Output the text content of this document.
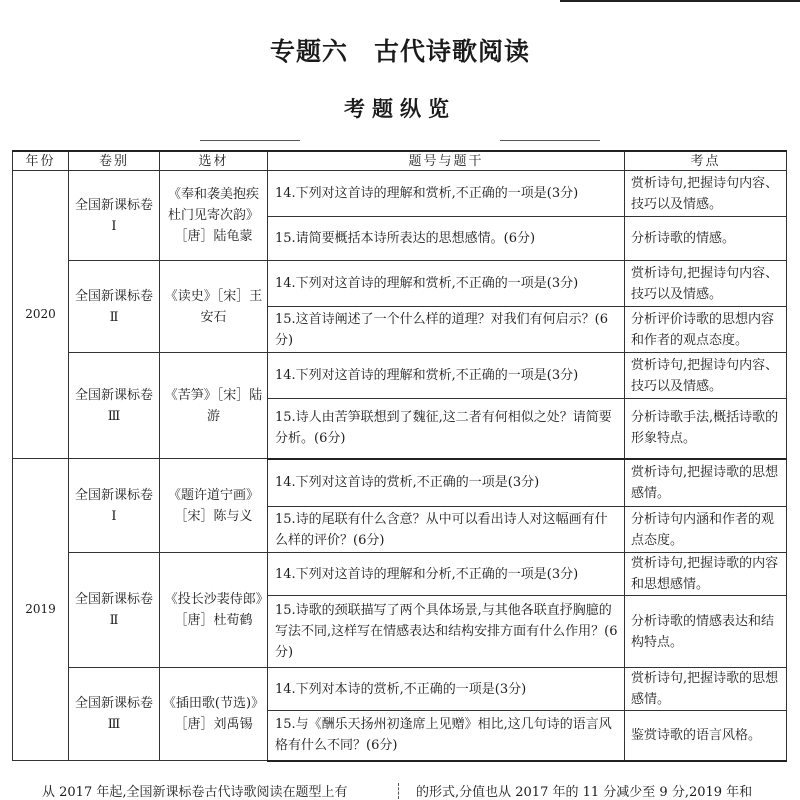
专题六　古代诗歌阅读
考题纵览
年份	卷别	选材	题号与题干	考点
2020	全国新课标卷Ⅰ	《奉和袭美抱疾杜门见寄次韵》［唐］陆龟蒙	14.下列对这首诗的理解和赏析,不正确的一项是(3分)	赏析诗句,把握诗句内容、技巧以及情感。
			15.请简要概括本诗所表达的思想感情。(6分)	分析诗歌的情感。
	全国新课标卷Ⅱ	《读史》［宋］王安石	14.下列对这首诗的理解和赏析,不正确的一项是(3分)	赏析诗句,把握诗句内容、技巧以及情感。
			15.这首诗阐述了一个什么样的道理？对我们有何启示？(6分)	分析评价诗歌的思想内容和作者的观点态度。
	全国新课标卷Ⅲ	《苦笋》［宋］陆游	14.下列对这首诗的理解和赏析,不正确的一项是(3分)	赏析诗句,把握诗句内容、技巧以及情感。
			15.诗人由苦笋联想到了魏征,这二者有何相似之处？请简要分析。(6分)	分析诗歌手法,概括诗歌的形象特点。
2019	全国新课标卷Ⅰ	《题许道宁画》［宋］陈与义	14.下列对这首诗的赏析,不正确的一项是(3分)	赏析诗句,把握诗歌的思想感情。
			15.诗的尾联有什么含意？从中可以看出诗人对这幅画有什么样的评价？(6分)	分析诗句内涵和作者的观点态度。
	全国新课标卷Ⅱ	《投长沙裴侍郎》［唐］杜荀鹤	14.下列对这首诗的理解和分析,不正确的一项是(3分)	赏析诗句,把握诗歌的内容和思想感情。
			15.诗歌的颈联描写了两个具体场景,与其他各联直抒胸臆的写法不同,这样写在情感表达和结构安排方面有什么作用？(6分)	分析诗歌的情感表达和结构特点。
	全国新课标卷Ⅲ	《插田歌(节选)》［唐］刘禹锡	14.下列对本诗的赏析,不正确的一项是(3分)	赏析诗句,把握诗歌的思想感情。
			15.与《酬乐天扬州初逢席上见赠》相比,这几句诗的语言风格有什么不同？(6分)	鉴赏诗歌的语言风格。
从 2017 年起,全国新课标卷古代诗歌阅读在题型上有	的形式,分值也从 2017 年的 11 分减少至 9 分,2019 年和
